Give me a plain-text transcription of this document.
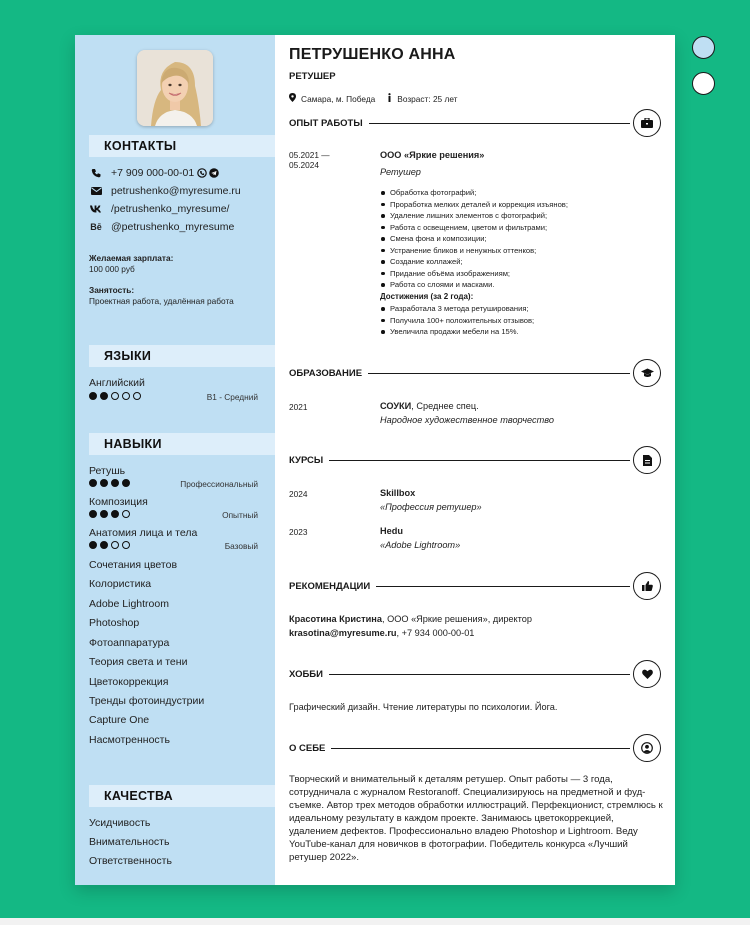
КОНТАКТЫ
+7 909 000-00-01
petrushenko@myresume.ru
/petrushenko_myresume/
Bē @petrushenko_myresume
Желаемая зарплата:
100 000 руб
Занятость:
Проектная работа, удалённая работа
ЯЗЫКИ
Английский
B1 - Средний
НАВЫКИ
Ретушь
Профессиональный
Композиция
Опытный
Анатомия лица и тела
Базовый
Сочетания цветов
Колористика
Adobe Lightroom
Photoshop
Фотоаппаратура
Теория света и тени
Цветокоррекция
Тренды фотоиндустрии
Capture One
Насмотренность
КАЧЕСТВА
Усидчивость
Внимательность
Ответственность
ПЕТРУШЕНКО АННА
РЕТУШЕР
Самара, м. Победа	Возраст: 25 лет
ОПЫТ РАБОТЫ
05.2021 —
05.2024
ООО «Яркие решения»
Ретушер
Обработка фотографий;
Проработка мелких деталей и коррекция изъянов;
Удаление лишних элементов с фотографий;
Работа с освещением, цветом и фильтрами;
Смена фона и композиции;
Устранение бликов и ненужных оттенков;
Создание коллажей;
Придание объёма изображениям;
Работа со слоями и масками.
Достижения (за 2 года):
Разработала 3 метода ретуширования;
Получила 100+ положительных отзывов;
Увеличила продажи мебели на 15%.
ОБРАЗОВАНИЕ
2021	СОУКИ, Среднее спец.
Народное художественное творчество
КУРСЫ
2024	Skillbox
«Профессия ретушер»
2023	Hedu
«Adobe Lightroom»
РЕКОМЕНДАЦИИ
Красотина Кристина, ООО «Яркие решения», директор
krasotina@myresume.ru, +7 934 000-00-01
ХОББИ
Графический дизайн. Чтение литературы по психологии. Йога.
О СЕБЕ
Творческий и внимательный к деталям ретушер. Опыт работы — 3 года, сотрудничала с журналом Restoranoff. Специализируюсь на предметной и фуд-съемке. Автор трех методов обработки иллюстраций. Перфекционист, стремлюсь к идеальному результату в каждом проекте. Занимаюсь цветокоррекцией, удалением дефектов. Профессионально владею Photoshop и Lightroom. Веду YouTube-канал для новичков в фотографии. Победитель конкурса «Лучший ретушер 2022».
